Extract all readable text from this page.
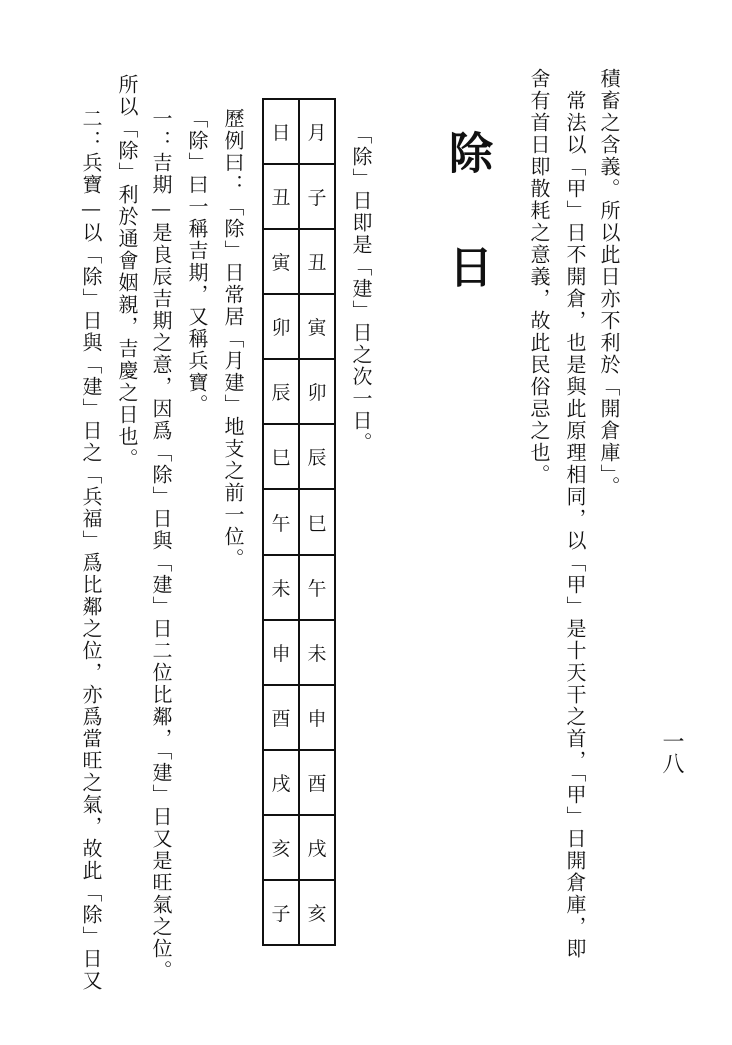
一八
積畜之含義。所以此日亦不利於「開倉庫」。
　常法以「甲」日不開倉，也是與此原理相同，以「甲」是十天干之首，「甲」日開倉庫，即
舍有首日即散耗之意義，故此民俗忌之也。
除日
「除」日即是「建」日之次一日。
月
子
丑
寅
卯
辰
巳
午
未
申
酉
戌
亥
日
丑
寅
卯
辰
巳
午
未
申
酉
戌
亥
子
歷例曰：「除」日常居「月建」地支之前一位。
「除」曰一稱吉期，又稱兵寶。
一：吉期—是良辰吉期之意，因爲「除」日與「建」日二位比鄰，「建」日又是旺氣之位。
所以「除」利於通會姻親，吉慶之日也。
二：兵寶—以「除」日與「建」日之「兵福」爲比鄰之位，亦爲當旺之氣，故此「除」日又
